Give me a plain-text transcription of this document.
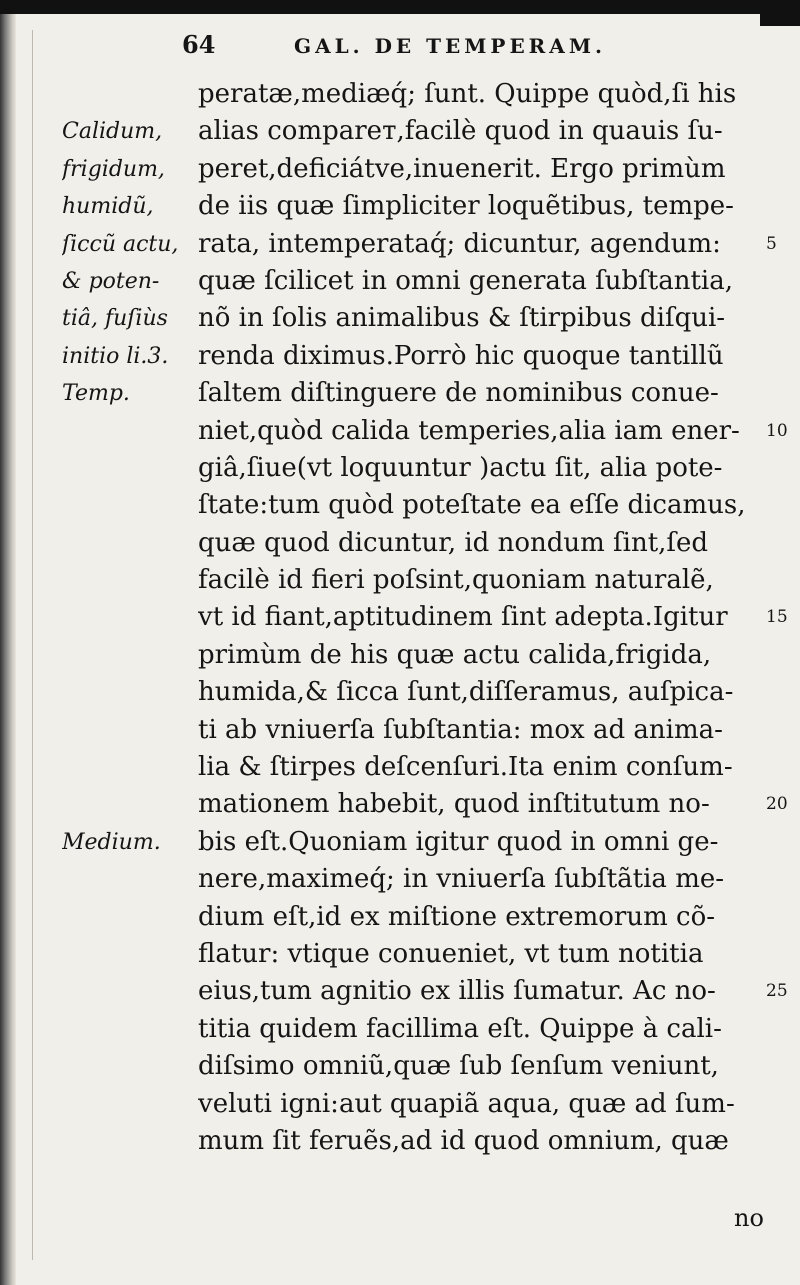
64	GAL. DE TEMPERAM.
Calidum,
frigidum,
humidũ,
ſiccũ actu,
& poten-
tiâ, fuſiùs
initio li.3.
Temp.
Medium.
peratæ,mediæq́; ſunt. Quippe quòd,ſi his
alias compareт,facilè quod in quauis ſu-
peret,deficiátve,inuenerit. Ergo primùm
de iis quæ ſimpliciter loquẽtibus, tempe-
rata, intemperataq́; dicuntur, agendum:
quæ ſcilicet in omni generata ſubſtantia,
nõ in ſolis animalibus & ſtirpibus diſqui-
renda diximus.Porrò hic quoque tantillũ
ſaltem diſtinguere de nominibus conue-
niet,quòd calida temperies,alia iam ener-
giâ,ſiue(vt loquuntur )actu ſit, alia pote-
ſtate:tum quòd poteſtate ea eſſe dicamus,
quæ quod dicuntur, id nondum ſint,ſed
facilè id fieri poſsint,quoniam naturalẽ,
vt id fiant,aptitudinem ſint adepta.Igitur
primùm de his quæ actu calida,frigida,
humida,& ſicca ſunt,diſſeramus, auſpica-
ti ab vniuerſa ſubſtantia: mox ad anima-
lia & ſtirpes deſcenſuri.Ita enim conſum-
mationem habebit, quod inſtitutum no-
bis eſt.Quoniam igitur quod in omni ge-
nere,maximeq́; in vniuerſa ſubſtãtia me-
dium eſt,id ex miſtione extremorum cõ-
flatur: vtique conueniet, vt tum notitia
eius,tum agnitio ex illis ſumatur. Ac no-
titia quidem facillima eſt. Quippe à cali-
diſsimo omniũ,quæ ſub ſenſum veniunt,
veluti igni:aut quapiã aqua, quæ ad ſum-
mum ſit feruẽs,ad id quod omnium, quæ
5
10
15
20
25
no
